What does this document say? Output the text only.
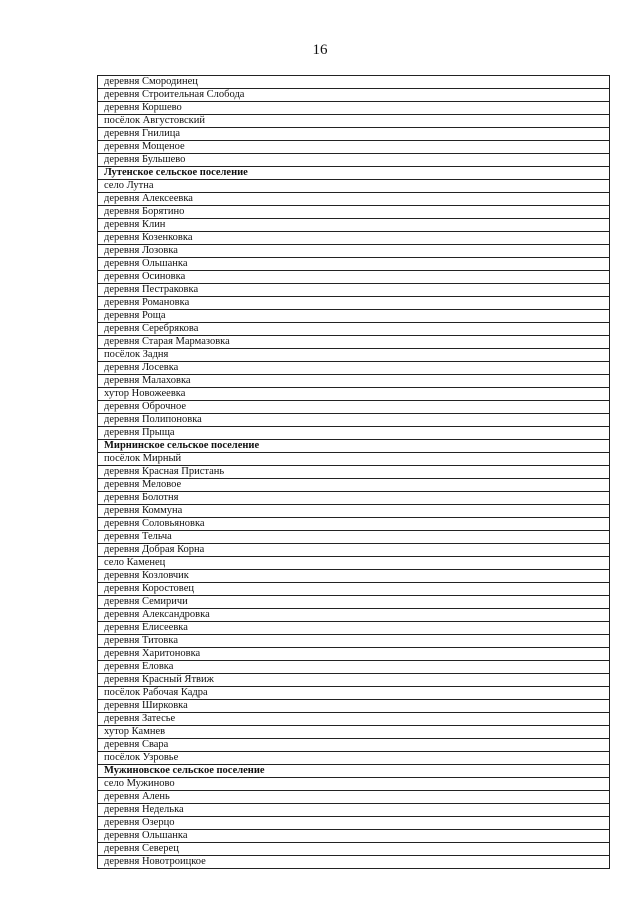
16
деревня Смородинец
деревня Строительная Слобода
деревня Коршево
посёлок Августовский
деревня Гнилица
деревня Мощеное
деревня Бульшево
Лутенское сельское поселение
село Лутна
деревня Алексеевка
деревня Борятино
деревня Клин
деревня Козенковка
деревня Лозовка
деревня Ольшанка
деревня Осиновка
деревня Пестраковка
деревня Романовка
деревня Роща
деревня Серебрякова
деревня Старая Мармазовка
посёлок Задня
деревня Лосевка
деревня Малаховка
хутор Новожеевка
деревня Оброчное
деревня Полипоновка
деревня Прыща
Мирнинское сельское поселение
посёлок Мирный
деревня Красная Пристань
деревня Меловое
деревня Болотня
деревня Коммуна
деревня Соловьяновка
деревня Тельча
деревня Добрая Корна
село Каменец
деревня Козловчик
деревня Коростовец
деревня Семиричи
деревня Александровка
деревня Елисеевка
деревня Титовка
деревня Харитоновка
деревня Еловка
деревня Красный Ятвиж
посёлок Рабочая Кадра
деревня Ширковка
деревня Затесье
хутор Камнев
деревня Свара
посёлок Узровье
Мужиновское сельское поселение
село Мужиново
деревня Алень
деревня Неделька
деревня Озерцо
деревня Ольшанка
деревня Северец
деревня Новотроицкое
